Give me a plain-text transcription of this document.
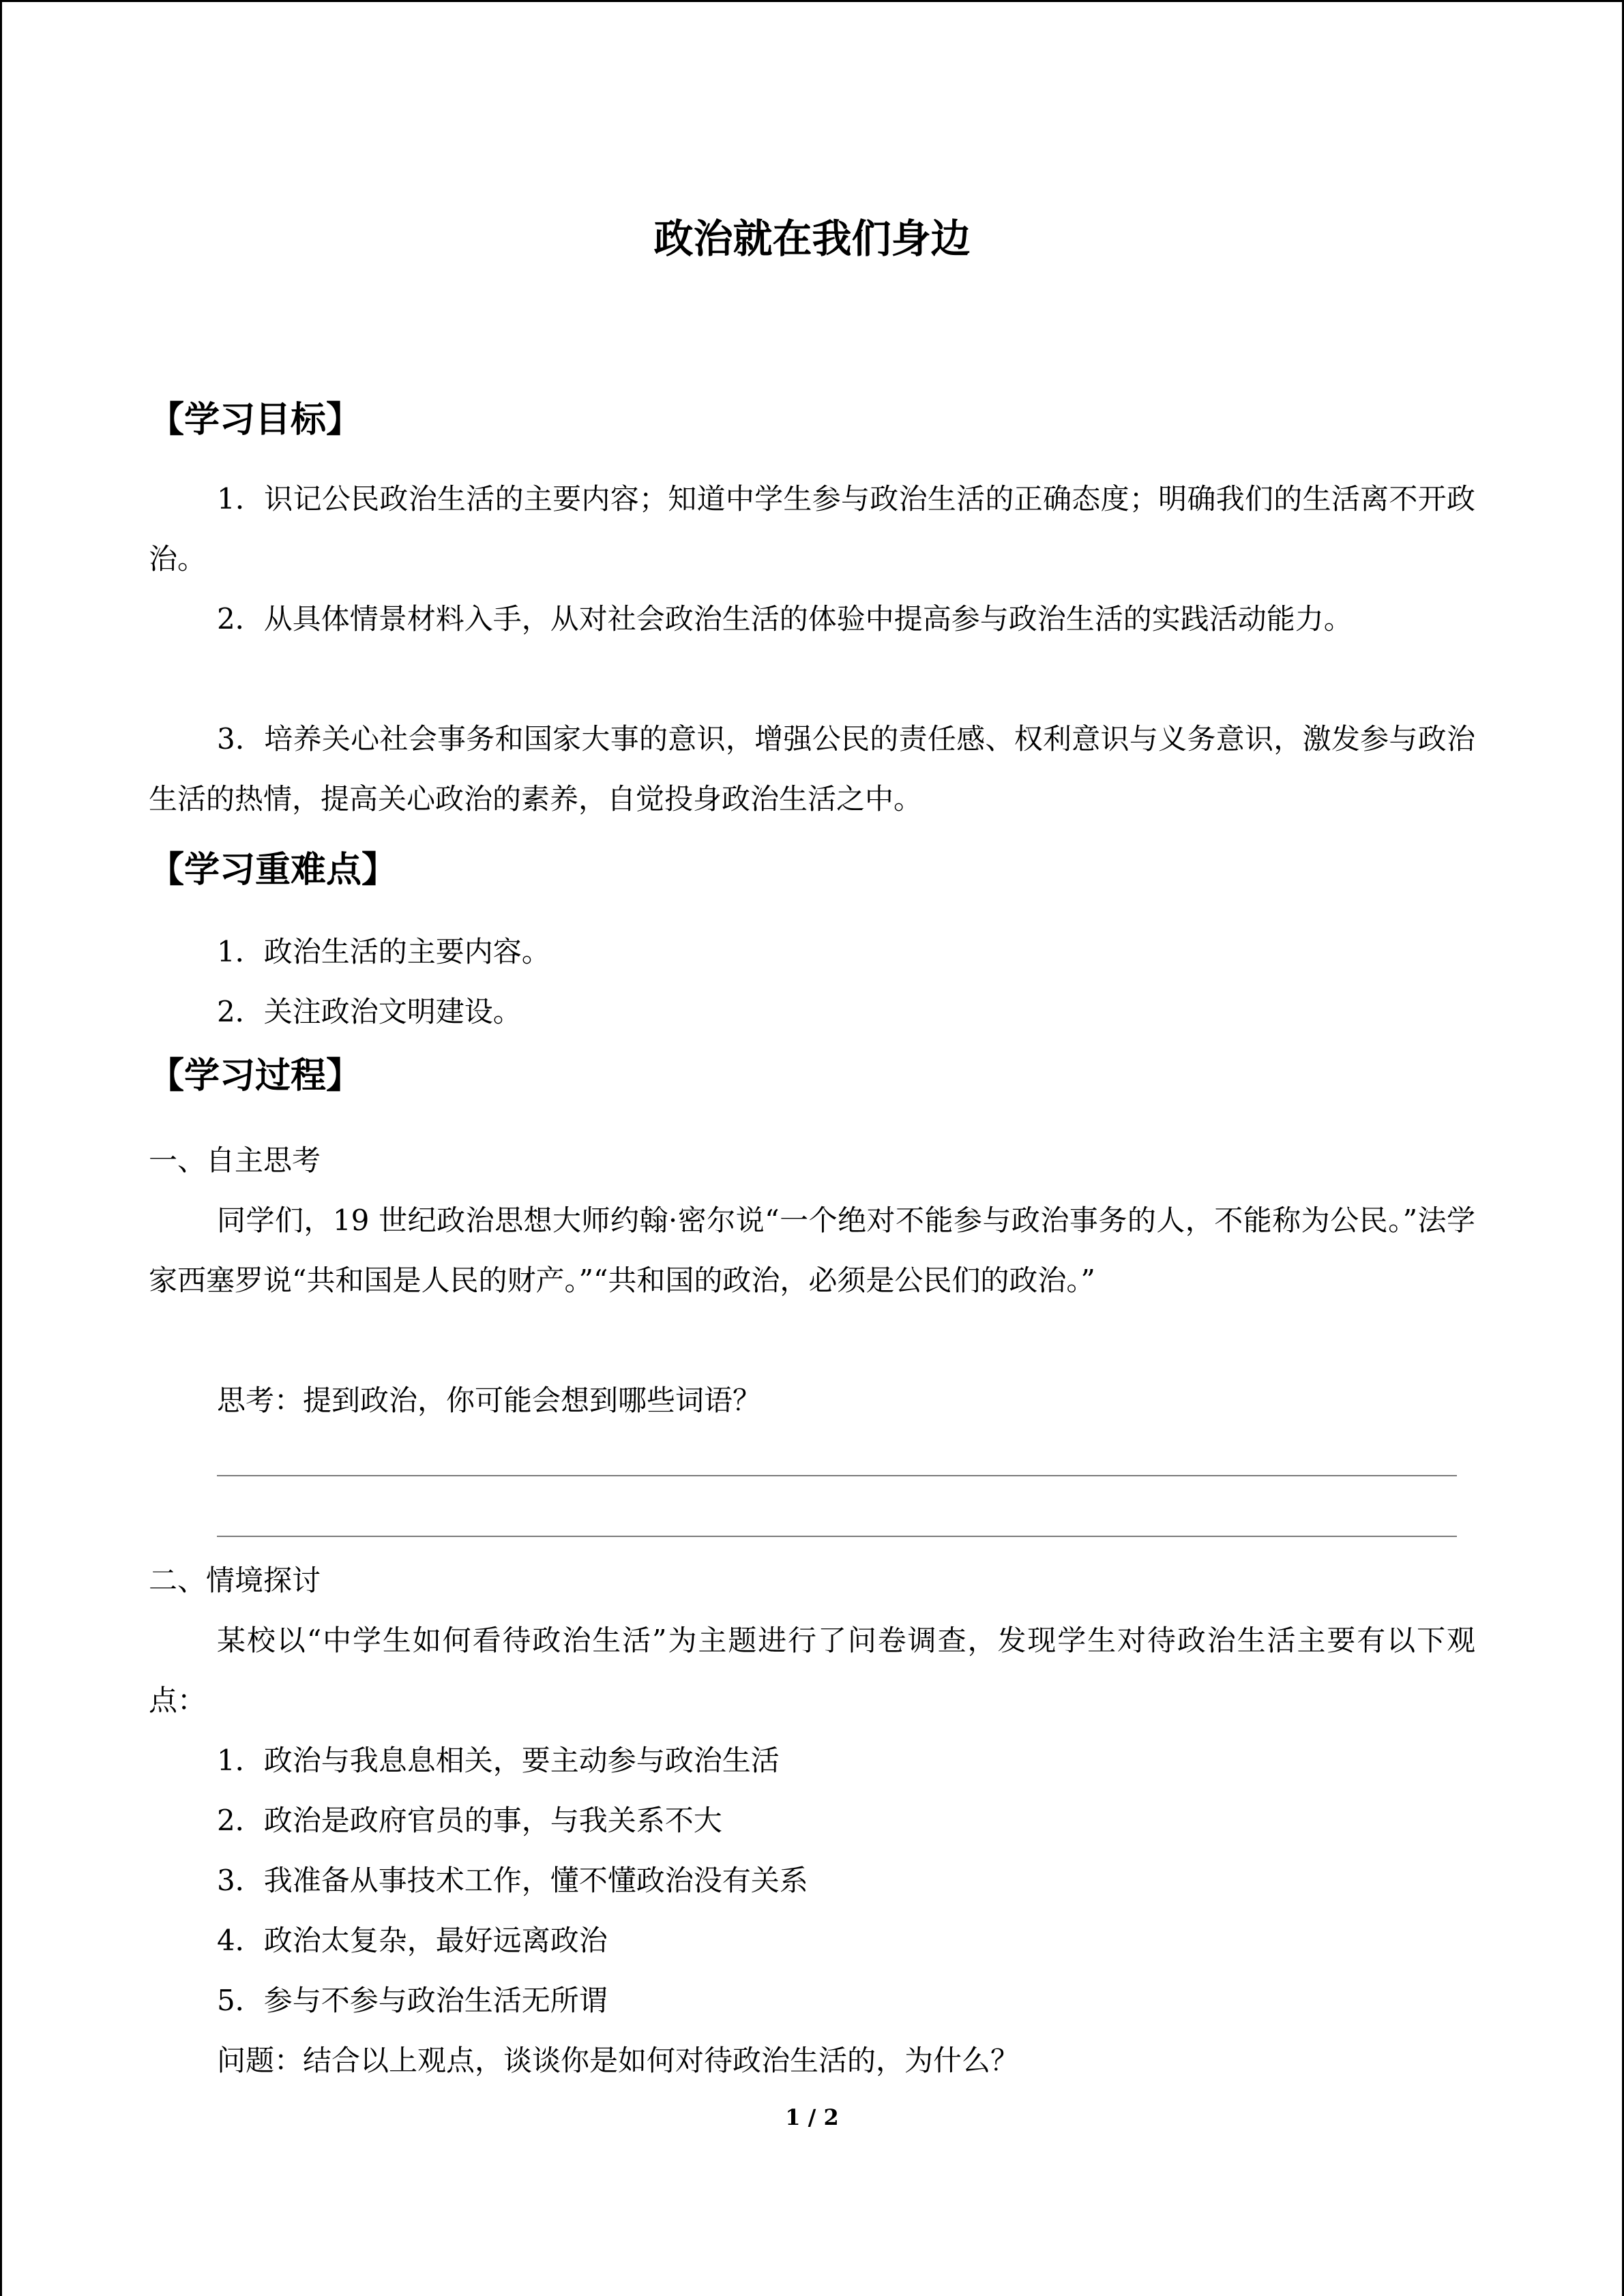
政治就在我们身边
【学习目标】

1．识记公民政治生活的主要内容；知道中学生参与政治生活的正确态度；明确我们的生活离不开政治。

2．从具体情景材料入手，从对社会政治生活的体验中提高参与政治生活的实践活动能力。

3．培养关心社会事务和国家大事的意识，增强公民的责任感、权利意识与义务意识，激发参与政治生活的热情，提高关心政治的素养，自觉投身政治生活之中。

【学习重难点】
1．政治生活的主要内容。
2．关注政治文明建设。
【学习过程】
一、自主思考

同学们，19 世纪政治思想大师约翰·密尔说“一个绝对不能参与政治事务的人，不能称为公民。”法学家西塞罗说“共和国是人民的财产。”“共和国的政治，必须是公民们的政治。”

思考：提到政治，你可能会想到哪些词语？
二、情境探讨

某校以“中学生如何看待政治生活”为主题进行了问卷调查，发现学生对待政治生活主要有以下观点：

1．政治与我息息相关，要主动参与政治生活
2．政治是政府官员的事，与我关系不大
3．我准备从事技术工作，懂不懂政治没有关系
4．政治太复杂，最好远离政治
5．参与不参与政治生活无所谓
问题：结合以上观点，谈谈你是如何对待政治生活的，为什么？
1 / 2
